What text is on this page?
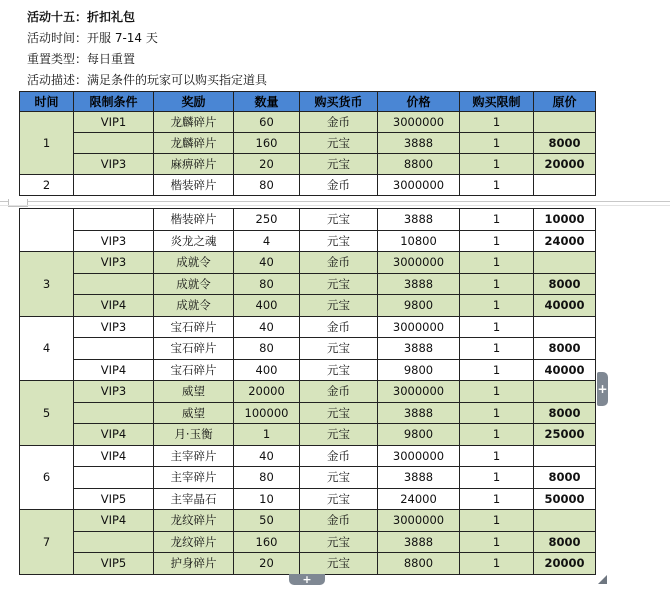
活动十五：折扣礼包
活动时间：开服 7-14 天
重置类型：每日重置
活动描述：满足条件的玩家可以购买指定道具
时间	限制条件	奖励	数量	购买货币	价格	购买限制	原价
1	VIP1	龙麟碎片	60	金币	3000000	1	
		龙麟碎片	160	元宝	3888	1	8000
	VIP3	麻痹碎片	20	元宝	8800	1	20000
2		楷装碎片	80	金币	3000000	1	
		楷装碎片	250	元宝	3888	1	10000
	VIP3	炎龙之魂	4	元宝	10800	1	24000
3	VIP3	成就令	40	金币	3000000	1	
		成就令	80	元宝	3888	1	8000
	VIP4	成就令	400	元宝	9800	1	40000
4	VIP3	宝石碎片	40	金币	3000000	1	
		宝石碎片	80	元宝	3888	1	8000
	VIP4	宝石碎片	400	元宝	9800	1	40000
5	VIP3	威望	20000	金币	3000000	1	
		威望	100000	元宝	3888	1	8000
	VIP4	月·玉衡	1	元宝	9800	1	25000
6	VIP4	主宰碎片	40	金币	3000000	1	
		主宰碎片	80	元宝	3888	1	8000
	VIP5	主宰晶石	10	元宝	24000	1	50000
7	VIP4	龙纹碎片	50	金币	3000000	1	
		龙纹碎片	160	元宝	3888	1	8000
	VIP5	护身碎片	20	元宝	8800	1	20000
+
+
